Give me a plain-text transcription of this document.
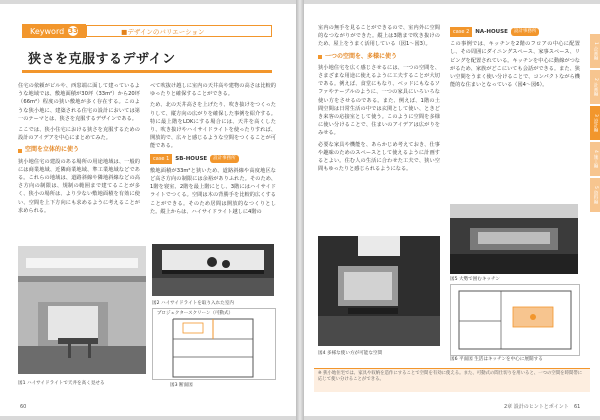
Keyword 33	■デザインのバリエーション
狭さを克服するデザイン

住宅の依頼がビルや、西窓端に面して建っているような地域では、敷地面積が30坪（33m²）から20坪（66m²）程度の狭い敷地が多く存在する。このような狭小地に、建築される住宅の設計においては第一のテーマとは、狭さを克服するデザインである。

ここでは、狭小住宅における狭さを克服するための設計のアイデアを中心にまとめてみた。

空間を立体的に使う

狭小地住宅の建設のある場所の用途地域は、一般的には商業地域、近隣商業地域、準工業地域などである。これらの地域は、道路斜線や隣地斜線などの高さ方向の制限は、規制の範囲まで建てることが多く、狭小の場所は、より少ない敷地面積を有効に使い、空間を上下方向にも求めるように考えることが求められる。

べて吹抜け越しに室内の天井高や建物の高さは比較的ゆったりと確保することができる。

ため、北の天井高さを上げたり、吹き抜けをつくったりして、縦方向の広がりを確保した事例を紹介する。特に最上階をLDKにする場合には、天井を高くしたり、吹き抜けやハイサイドライトを使ったりすれば、開放的で、広々と感じるような空間をつくることが可能である。

case 1	SB-HOUSE	設計事務所

敷地面積が33m²と狭いため、道路斜線や高度地区など高さ方向の制限には余裕がありふれた。そのため、1階を寝室、2階を最上階にとし、3階にはハイサイドライトでつくる。空間は木の背勝手を比較的広くすることができる。そのため居間は開放的なつくりとした。縦上からは、ハイサイドライト越しに4階の

図1 ハイサイドライトで天井を高く見せる
図2 ハイサイドライトを取り入れた室内
プロジェクタースクリーン（可動式）
図3 断面図
60

室内の無手を見ることができるので、室内外に空間的なつながりができた。縦上は3階まで吹き抜けのため、屋上をうまく活用している（図1〜図3）。

一つの空間を、多様に使う

狭小地住宅を広く感じさせるには、一つの空間を、さまざまな用途に使えるように工夫することが大切である。例えば、食堂にもなり、ベッドにもなるソファやテーブルのように、一つの家具にいろいろな使い方をさせるのである。また、例えば、1階の土間空間は日常生活の中では玄関として使い、ときどき来客の応接室として使う。このように空間を多様に使い分けることで、住まいのアイデアは広がりをみせる。

必要な家具や機能を、あらかじめ考えておき、仕事や趣味のためのスペースとして使えるように計画するとよい。住む人の生活に合わせた工夫で、狭い空間もゆったりと感じられるようになる。

case 2	NA-HOUSE	設計事務所

この事例では、キッチンを2階のフロアの中心に配置し、その周囲にダイニングスペース、家事スペース、リビングを配置されている。キッチンを中心に動線がつながるため、家族がどこにいても会話ができる。また、狭い空間をうまく使い分けることで、コンパクトながら機能的な住まいとなっている（図4〜図6）。

図4 多様な使い方が可能な空間
図5 大勢で囲むキッチン
図6 平面図 生活はキッチンを中心に展開する
※ 狭小地住宅では、家具や収納を造作にすることで空間を有効に使える。また、可動式の間仕切りを用いると、一つの空間を時間帯に応じて使い分けることができる。
2章 設計のヒントとポイント 61
1 企画編
2 計画編
3 設計編
4 施工編
5 資料編
